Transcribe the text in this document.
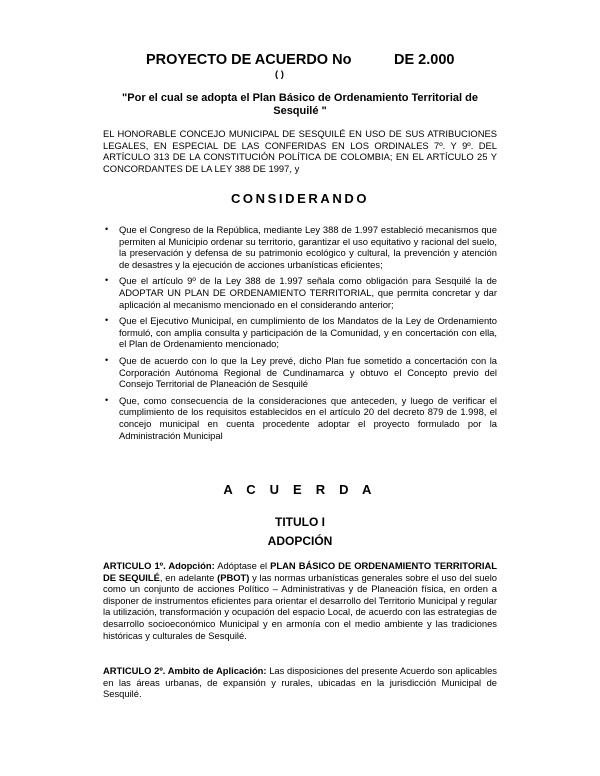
PROYECTO DE ACUERDO No	DE 2.000
( )
"Por el cual se adopta el Plan Básico de Ordenamiento Territorial de Sesquilé "
EL HONORABLE CONCEJO MUNICIPAL DE SESQUILÉ EN USO DE SUS ATRIBUCIONES LEGALES, EN ESPECIAL DE LAS CONFERIDAS EN LOS ORDINALES 7º. Y 9º. DEL ARTÍCULO 313 DE LA CONSTITUCIÓN POLÍTICA DE COLOMBIA; EN EL ARTÍCULO 25 Y CONCORDANTES DE LA LEY 388 DE 1997, y
CONSIDERANDO
• Que el Congreso de la República, mediante Ley 388 de 1.997 estableció mecanismos que permiten al Municipio ordenar su territorio, garantizar el uso equitativo y racional del suelo, la preservación y defensa de su patrimonio ecológico y cultural, la prevención y atención de desastres y la ejecución de acciones urbanísticas eficientes;
• Que el artículo 9º de la Ley 388 de 1.997 señala como obligación para Sesquilé la de ADOPTAR UN PLAN DE ORDENAMIENTO TERRITORIAL, que permita concretar y dar aplicación al mecanismo mencionado en el considerando anterior;
• Que el Ejecutivo Municipal, en cumplimiento de los Mandatos de la Ley de Ordenamiento formuló, con amplia consulta y participación de la Comunidad, y en concertación con ella, el Plan de Ordenamiento mencionado;
• Que de acuerdo con lo que la Ley prevé, dicho Plan fue sometido a concertación con la Corporación Autónoma Regional de Cundinamarca y obtuvo el Concepto previo del Consejo Territorial de Planeación de Sesquilé
• Que, como consecuencia de la consideraciones que anteceden, y luego de verificar el cumplimiento de los requisitos establecidos en el artículo 20 del decreto 879 de 1.998, el concejo municipal en cuenta procedente adoptar el proyecto formulado por la Administración Municipal
A C U E R D A
TITULO I
ADOPCIÓN
ARTICULO 1º. Adopción: Adóptase el PLAN BÁSICO DE ORDENAMIENTO TERRITORIAL DE SEQUILÉ, en adelante (PBOT) y las normas urbanísticas generales sobre el uso del suelo como un conjunto de acciones Político – Administrativas y de Planeación física, en orden a disponer de instrumentos eficientes para orientar el desarrollo del Territorio Municipal y regular la utilización, transformación y ocupación del espacio Local, de acuerdo con las estrategias de desarrollo socioeconómico Municipal y en armonía con el medio ambiente y las tradiciones históricas y culturales de Sesquilé.
ARTICULO 2º. Ambito de Aplicación: Las disposiciones del presente Acuerdo son aplicables en las áreas urbanas, de expansión y rurales, ubicadas en la jurisdicción Municipal de Sesquilé.
